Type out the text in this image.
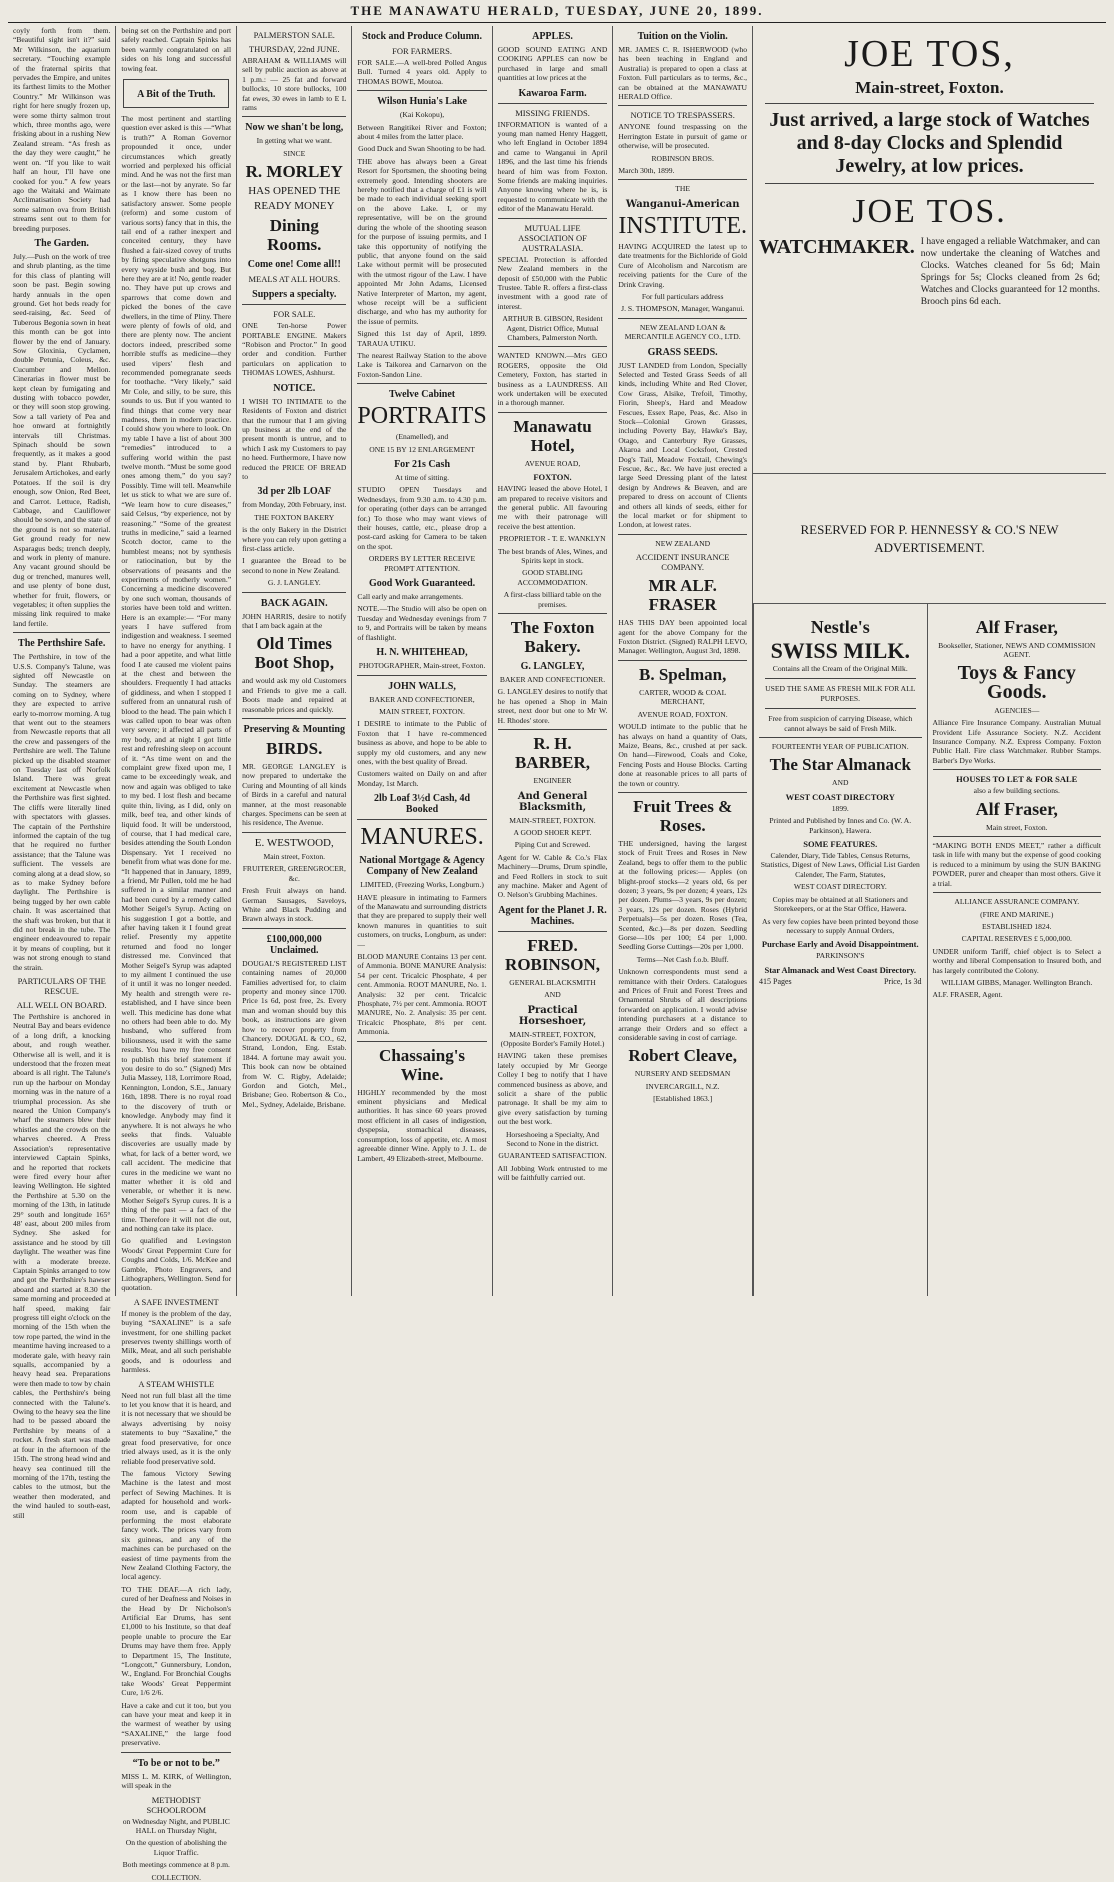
THE MANAWATU HERALD, TUESDAY, JUNE 20, 1899.

coyly forth from them. “Beautiful sight isn't it?” said Mr Wilkinson, the aquarium secretary. “Touching example of the fraternal spirits that pervades the Empire, and unites its farthest limits to the Mother Country.” Mr Wilkinson was right for here snugly frozen up, were some thirty salmon trout which, three months ago, were frisking about in a rushing New Zealand stream. “As fresh as the day they were caught,” he went on. “If you like to wait half an hour, I'll have one cooked for you.” A few years ago the Waitaki and Waimate Acclimatisation Society had some salmon ova from British streams sent out to them for breeding purposes.

The Garden.

July.—Push on the work of tree and shrub planting, as the time for this class of planting will soon be past. Begin sowing hardy annuals in the open ground. Get hot beds ready for seed-raising, &c. Seed of Tuberous Begonia sown in heat this month can be got into flower by the end of January. Sow Gloxinia, Cyclamen, double Petunia, Coleus, &c. Cucumber and Mellon. Cinerarias in flower must be kept clean by fumigating and dusting with tobacco powder, or they will soon stop growing. Sow a tall variety of Pea and hoe onward at fortnightly intervals till Christmas. Spinach should be sown frequently, as it makes a good stand by. Plant Rhubarb, Jerusalem Artichokes, and early Potatoes. If the soil is dry enough, sow Onion, Red Beet, and Carrot. Lettuce, Radish, Cabbage, and Cauliflower should be sown, and the state of the ground is not so material. Get ground ready for new Asparagus beds; trench deeply, and work in plenty of manure. Any vacant ground should be dug or trenched, manures well, and use plenty of bone dust, whether for fruit, flowers, or vegetables; it often supplies the missing link required to make land fertile.

The Perthshire Safe.

The Perthshire, in tow of the U.S.S. Company's Talune, was sighted off Newcastle on Sunday. The steamers are coming on to Sydney, where they are expected to arrive early to-morrow morning. A tug that went out to the steamers from Newcastle reports that all the crew and passengers of the Perthshire are well. The Talune picked up the disabled steamer on Tuesday last off Norfolk Island. There was great excitement at Newcastle when the Perthshire was first sighted. The cliffs were literally lined with spectators with glasses. The captain of the Perthshire informed the captain of the tug that he required no further assistance; that the Talune was sufficient. The vessels are coming along at a dead slow, so as to make Sydney before daylight. The Perthshire is being tugged by her own cable chain. It was ascertained that the shaft was broken, but that it did not break in the tube. The engineer endeavoured to repair it by means of coupling, but it was not strong enough to stand the strain.

PARTICULARS OF THE RESCUE.
ALL WELL ON BOARD.

The Perthshire is anchored in Neutral Bay and bears evidence of a long drift, a knocking about, and rough weather. Otherwise all is well, and it is understood that the frozen meat aboard is all right. The Talune's run up the harbour on Monday morning was in the nature of a triumphal procession. As she neared the Union Company's wharf the steamers blew their whistles and the crowds on the wharves cheered. A Press Association's representative interviewed Captain Spinks, and he reported that rockets were fired every hour after leaving Wellington. He sighted the Perthshire at 5.30 on the morning of the 13th, in latitude 29° south and longitude 165° 48' east, about 200 miles from Sydney. She asked for assistance and he stood by till daylight. The weather was fine with a moderate breeze. Captain Spinks arranged to tow and got the Perthshire's hawser aboard and started at 8.30 the same morning and proceeded at half speed, making fair progress till eight o'clock on the morning of the 15th when the tow rope parted, the wind in the meantime having increased to a moderate gale, with heavy rain squalls, accompanied by a heavy head sea. Preparations were then made to tow by chain cables, the Perthshire's being connected with the Talune's. Owing to the heavy sea the line had to be passed aboard the Perthshire by means of a rocket. A fresh start was made at four in the afternoon of the 15th. The strong head wind and heavy sea continued till the morning of the 17th, testing the cables to the utmost, but the weather then moderated, and the wind hauled to south-east, still

being set on the Perthshire and port safely reached. Captain Spinks has been warmly congratulated on all sides on his long and successful towing feat.

A Bit of the Truth.

The most pertinent and startling question ever asked is this —“What is truth?” A Roman Governor propounded it once, under circumstances which greatly worried and perplexed his official mind. And he was not the first man or the last—not by anyrate. So far as I know there has been no satisfactory answer. Some people (reform) and some custom of various sorts) fancy that in this, the tail end of a rather inexpert and conceited century, they have flushed a fair-sized covey of truths by firing speculative shotguns into every wayside bush and bog. But here they are at it! No, gentle reader no. They have put up crows and sparrows that come down and picked the bones of the cave dwellers, in the time of Pliny. There were plenty of fowls of old, and there are plenty now. The ancient doctors indeed, prescribed some horrible stuffs as medicine—they used vipers' flesh and recommended pomegranate seeds for toothache. “Very likely,” said Mr Cole, and silly, to be sure, this sounds to us. But if you wanted to find things that come very near madness, them in modern practice. I could show you where to look. On my table I have a list of about 300 “remedies” introduced to a suffering world within the past twelve month. “Must be some good ones among them,” do you say? Possibly. Time will tell. Meanwhile let us stick to what we are sure of. “We learn how to cure diseases,” said Celsus, “by experience, not by reasoning.” “Some of the greatest truths in medicine,” said a learned Scotch doctor, came to the humblest means; not by synthesis or ratiocination, but by the observations of peasants and the experiments of motherly women.” Concerning a medicine discovered by one such woman, thousands of stories have been told and written. Here is an example:— “For many years I have suffered from indigestion and weakness. I seemed to have no energy for anything. I had a poor appetite, and what little food I ate caused me violent pains at the chest and between the shoulders. Frequently I had attacks of giddiness, and when I stopped I suffered from an unnatural rush of blood to the head. The pain which I was called upon to bear was often very severe; it affected all parts of my body, and at night I got little rest and refreshing sleep on account of it. “As time went on and the complaint grew fixed upon me, I came to be exceedingly weak, and now and again was obliged to take to my bed. I lost flesh and became quite thin, living, as I did, only on milk, beef tea, and other kinds of liquid food. It will be understood, of course, that I had medical care, besides attending the South London Dispensary. Yet I received no benefit from what was done for me. “It happened that in January, 1899, a friend, Mr Pullen, told me he had suffered in a similar manner and had been cured by a remedy called Mother Seigel's Syrup. Acting on his suggestion I got a bottle, and after having taken it I found great relief. Presently my appetite returned and food no longer distressed me. Convinced that Mother Seigel's Syrup was adapted to my ailment I continued the use of it until it was no longer needed. My health and strength were re-established, and I have since been well. This medicine has done what no others had been able to do. My husband, who suffered from biliousness, used it with the same results. You have my free consent to publish this brief statement if you desire to do so.” (Signed) Mrs Julia Massey, 118, Lorrimore Road, Kennington, London, S.E., January 16th, 1898. There is no royal road to the discovery of truth or knowledge. Anybody may find it anywhere. It is not always he who seeks that finds. Valuable discoveries are usually made by what, for lack of a better word, we call accident. The medicine that cures in the medicine we want no matter whether it is old and venerable, or whether it is new. Mother Seigel's Syrup cures. It is a thing of the past — a fact of the time. Therefore it will not die out, and nothing can take its place.

Go qualified and Levingston Woods' Great Peppermint Cure for Coughs and Colds, 1/6. McKee and Gamble, Photo Engravers, and Lithographers, Wellington. Send for quotation.

A SAFE INVESTMENT

If money is the problem of the day, buying “SAXALINE” is a safe investment, for one shilling packet preserves twenty shillings worth of Milk, Meat, and all such perishable goods, and is odourless and harmless.

A STEAM WHISTLE

Need not run full blast all the time to let you know that it is heard, and it is not necessary that we should be always advertising by noisy statements to buy “Saxaline,” the great food preservative, for once tried always used, as it is the only reliable food preservative sold.

The famous Victory Sewing Machine is the latest and most perfect of Sewing Machines. It is adapted for household and work-room use, and is capable of performing the most elaborate fancy work. The prices vary from six guineas, and any of the machines can be purchased on the easiest of time payments from the New Zealand Clothing Factory, the local agency.

TO THE DEAF.—A rich lady, cured of her Deafness and Noises in the Head by Dr Nicholson's Artificial Ear Drums, has sent £1,000 to his Institute, so that deaf people unable to procure the Ear Drums may have them free. Apply to Department 15, The Institute, “Longcott,” Gunnersbury, London, W., England. For Bronchial Coughs take Woods' Great Peppermint Cure, 1/6 2/6.

Have a cake and cut it too, but you can have your meat and keep it in the warmest of weather by using “SAXALINE,” the large food preservative.

“To be or not to be.”

MISS L. M. KIRK, of Wellington, will speak in the

METHODIST SCHOOLROOM

on Wednesday Night, and PUBLIC HALL on Thursday Night,

On the question of abolishing the Liquor Traffic.

Both meetings commence at 8 p.m.

COLLECTION.

PALMERSTON SALE.
THURSDAY, 22nd JUNE.

ABRAHAM & WILLIAMS will sell by public auction as above at 1 p.m.: — 25 fat and forward bullocks, 10 store bullocks, 100 fat ewes, 30 ewes in lamb to E L rams

Now we shan't be long,

In getting what we want.

SINCE

R. MORLEY
HAS OPENED THE
READY MONEY
Dining Rooms.
Come one! Come all!!
MEALS AT ALL HOURS.
Suppers a specialty.
FOR SALE.

ONE Ten-horse Power PORTABLE ENGINE. Makers “Robison and Proctor.” In good order and condition. Further particulars on application to THOMAS LOWES, Ashhurst.

NOTICE.

I WISH TO INTIMATE to the Residents of Foxton and district that the rumour that I am giving up business at the end of the present month is untrue, and to which I ask my Customers to pay no heed. Furthermore, I have now reduced the PRICE OF BREAD to

3d per 2lb LOAF

from Monday, 20th February, inst.

THE FOXTON BAKERY

is the only Bakery in the District where you can rely upon getting a first-class article.

I guarantee the Bread to be second to none in New Zealand.

G. J. LANGLEY.

BACK AGAIN.

JOHN HARRIS, desire to notify that I am back again at the

Old Times Boot Shop,

and would ask my old Customers and Friends to give me a call. Boots made and repaired at reasonable prices and quickly.

Preserving & Mounting
BIRDS.

MR. GEORGE LANGLEY is now prepared to undertake the Curing and Mounting of all kinds of Birds in a careful and natural manner, at the most reasonable charges. Specimens can be seen at his residence, The Avenue.

E. WESTWOOD,

Main street, Foxton.

FRUITERER, GREENGROCER, &c.

Fresh Fruit always on hand. German Sausages, Saveloys, White and Black Pudding and Brawn always in stock.

£100,000,000 Unclaimed.

DOUGAL'S REGISTERED LIST containing names of 20,000 Families advertised for, to claim property and money since 1700. Price 1s 6d, post free, 2s. Every man and woman should buy this book, as instructions are given how to recover property from Chancery. DOUGAL & CO., 62, Strand, London, Eng. Estab. 1844. A fortune may await you. This book can now be obtained from W. C. Rigby, Adelaide; Gordon and Gotch, Mel., Brisbane; Geo. Robertson & Co., Mel., Sydney, Adelaide, Brisbane.

Stock and Produce Column.
FOR FARMERS.

FOR SALE.—A well-bred Polled Angus Bull. Turned 4 years old. Apply to THOMAS BOWE, Moutoa.

Wilson Hunia's Lake

(Kai Kokopu),

Between Rangitikei River and Foxton; about 4 miles from the latter place.

Good Duck and Swan Shooting to be had.

THE above has always been a Great Resort for Sportsmen, the shooting being extremely good. Intending shooters are hereby notified that a charge of £1 is will be made to each individual seeking sport on the above Lake. I, or my representative, will be on the ground during the whole of the shooting season for the purpose of issuing permits, and I take this opportunity of notifying the public, that anyone found on the said Lake without permit will be prosecuted with the utmost rigour of the Law. I have appointed Mr John Adams, Licensed Native Interpreter of Marton, my agent, whose receipt will be a sufficient discharge, and who has my authority for the issue of permits.

Signed this 1st day of April, 1899. TARAUA UTIKU.

The nearest Railway Station to the above Lake is Taikorea and Carnarvon on the Foxton-Sandon Line.

Twelve Cabinet
PORTRAITS

(Enamelled), and

ONE 15 BY 12 ENLARGEMENT

For 21s Cash

At time of sitting.

STUDIO OPEN Tuesdays and Wednesdays, from 9.30 a.m. to 4.30 p.m. for operating (other days can be arranged for.) To those who may want views of their houses, cattle, etc., please drop a post-card asking for Camera to be taken on the spot.

ORDERS BY LETTER RECEIVE PROMPT ATTENTION.

Good Work Guaranteed.

Call early and make arrangements.

NOTE.—The Studio will also be open on Tuesday and Wednesday evenings from 7 to 9, and Portraits will be taken by means of flashlight.

H. N. WHITEHEAD,

PHOTOGRAPHER, Main-street, Foxton.

JOHN WALLS,

BAKER AND CONFECTIONER,

MAIN STREET, FOXTON.

I DESIRE to intimate to the Public of Foxton that I have re-commenced business as above, and hope to be able to supply my old customers, and any new ones, with the best quality of Bread.

Customers waited on Daily on and after Monday, 1st March.

2lb Loaf 3½d Cash, 4d Booked
MANURES.
National Mortgage & Agency Company of New Zealand

LIMITED, (Freezing Works, Longburn.)

HAVE pleasure in intimating to Farmers of the Manawatu and surrounding districts that they are prepared to supply their well known manures in quantities to suit customers, on trucks, Longburn, as under:—

BLOOD MANURE Contains 13 per cent. of Ammonia. BONE MANURE Analysis: 54 per cent. Tricalcic Phosphate, 4 per cent. Ammonia. ROOT MANURE, No. 1. Analysis: 32 per cent. Tricalcic Phosphate, 7½ per cent. Ammonia. ROOT MANURE, No. 2. Analysis: 35 per cent. Tricalcic Phosphate, 8½ per cent. Ammonia.

Chassaing's Wine.

HIGHLY recommended by the most eminent physicians and Medical authorities. It has since 60 years proved most efficient in all cases of indigestion, dyspepsia, stomachical diseases, consumption, loss of appetite, etc. A most agreeable dinner Wine. Apply to J. L. de Lambert, 49 Elizabeth-street, Melbourne.

APPLES.

GOOD SOUND EATING AND COOKING APPLES can now be purchased in large and small quantities at low prices at the

Kawaroa Farm.
MISSING FRIENDS.

INFORMATION is wanted of a young man named Henry Haggett, who left England in October 1894 and came to Wanganui in April 1896, and the last time his friends heard of him was from Foxton. Some friends are making inquiries. Anyone knowing where he is, is requested to communicate with the editor of the Manawatu Herald.

MUTUAL LIFE ASSOCIATION OF AUSTRALASIA.

SPECIAL Protection is afforded New Zealand members in the deposit of £50,000 with the Public Trustee. Table R. offers a first-class investment with a good rate of interest.

ARTHUR B. GIBSON, Resident Agent, District Office, Mutual Chambers, Palmerston North.

WANTED KNOWN.—Mrs GEO ROGERS, opposite the Old Cemetery, Foxton, has started in business as a LAUNDRESS. All work undertaken will be executed in a thorough manner.

Manawatu Hotel,

AVENUE ROAD,

FOXTON.

HAVING leased the above Hotel, I am prepared to receive visitors and the general public. All favouring me with their patronage will receive the best attention.

PROPRIETOR - T. E. WANKLYN

The best brands of Ales, Wines, and Spirits kept in stock.

GOOD STABLING ACCOMMODATION.

A first-class billiard table on the premises.

The Foxton Bakery.
G. LANGLEY,

BAKER AND CONFECTIONER.

G. LANGLEY desires to notify that he has opened a Shop in Main street, next door but one to Mr W. H. Rhodes' store.

R. H. BARBER,

ENGINEER

And General Blacksmith,

MAIN-STREET, FOXTON.

A GOOD SHOER KEPT.

Piping Cut and Screwed.

Agent for W. Cable & Co.'s Flax Machinery—Drums, Drum spindle, and Feed Rollers in stock to suit any machine. Maker and Agent of O. Nelson's Grubbing Machines.

Agent for the Planet J. R. Machines.
FRED. ROBINSON,

GENERAL BLACKSMITH

AND

Practical Horseshoer,

MAIN-STREET, FOXTON, (Opposite Border's Family Hotel.)

HAVING taken these premises lately occupied by Mr George Colley I beg to notify that I have commenced business as above, and solicit a share of the public patronage. It shall be my aim to give every satisfaction by turning out the best work.

Horseshoeing a Specialty, And Second to None in the district.

GUARANTEED SATISFACTION.

All Jobbing Work entrusted to me will be faithfully carried out.

Tuition on the Violin.

MR. JAMES C. R. ISHERWOOD (who has been teaching in England and Australia) is prepared to open a class at Foxton. Full particulars as to terms, &c., can be obtained at the MANAWATU HERALD Office.

NOTICE TO TRESPASSERS.

ANYONE found trespassing on the Herrington Estate in pursuit of game or otherwise, will be prosecuted.

ROBINSON BROS.

March 30th, 1899.

THE

Wanganui-American
INSTITUTE.

HAVING ACQUIRED the latest up to date treatments for the Bichloride of Gold Cure of Alcoholism and Narcotism are receiving patients for the Cure of the Drink Craving.

For full particulars address

J. S. THOMPSON, Manager, Wanganui.

NEW ZEALAND LOAN & MERCANTILE AGENCY CO., LTD.

GRASS SEEDS.

JUST LANDED from London, Specially Selected and Tested Grass Seeds of all kinds, including White and Red Clover, Cow Grass, Alsike, Trefoil, Timothy, Fiorin, Sheep's, Hard and Meadow Fescues, Essex Rape, Peas, &c. Also in Stock—Colonial Grown Grasses, including Poverty Bay, Hawke's Bay, Otago, and Canterbury Rye Grasses, Akaroa and Local Cocksfoot, Crested Dog's Tail, Meadow Foxtail, Chewing's Fescue, &c., &c. We have just erected a large Seed Dressing plant of the latest design by Andrews & Beaven, and are prepared to dress on account of Clients and others all kinds of seeds, either for the local market or for shipment to London, at lowest rates.

NEW ZEALAND

ACCIDENT INSURANCE COMPANY.
MR ALF. FRASER

HAS THIS DAY been appointed local agent for the above Company for the Foxton District. (Signed) RALPH LEVO, Manager. Wellington, August 3rd, 1898.

B. Spelman,

CARTER, WOOD & COAL MERCHANT,

AVENUE ROAD, FOXTON.

WOULD intimate to the public that he has always on hand a quantity of Oats, Maize, Beans, &c., crushed at per sack. On hand—Firewood, Coals and Coke, Fencing Posts and House Blocks. Carting done at reasonable prices to all parts of the town or country.

Fruit Trees & Roses.

THE undersigned, having the largest stock of Fruit Trees and Roses in New Zealand, begs to offer them to the public at the following prices:— Apples (on blight-proof stocks—2 years old, 6s per dozen; 3 years, 9s per dozen; 4 years, 12s per dozen. Plums—3 years, 9s per dozen; 3 years, 12s per dozen. Roses (Hybrid Perpetuals)—5s per dozen. Roses (Tea, Scented, &c.)—8s per dozen. Seedling Gorse—10s per 100; £4 per 1,000. Seedling Gorse Cuttings—20s per 1,000.

Terms—Net Cash f.o.b. Bluff.

Unknown correspondents must send a remittance with their Orders. Catalogues and Prices of Fruit and Forest Trees and Ornamental Shrubs of all descriptions forwarded on application. I would advise intending purchasers at a distance to arrange their Orders and so effect a considerable saving in cost of carriage.

Robert Cleave,

NURSERY AND SEEDSMAN

INVERCARGILL, N.Z.

[Established 1863.]

JOE TOS,
Main-street, Foxton.
Just arrived, a large stock of Watches and 8-day Clocks and Splendid Jewelry, at low prices.
JOE TOS.
WATCHMAKER. I have engaged a reliable Watchmaker, and can now undertake the cleaning of Watches and Clocks. Watches cleaned for 5s 6d; Main Springs for 5s; Clocks cleaned from 2s 6d; Watches and Clocks guaranteed for 12 months. Brooch pins 6d each.

RESERVED FOR P. HENNESSY & CO.'S NEW ADVERTISEMENT.
Nestle's
SWISS MILK.

Contains all the Cream of the Original Milk.

USED THE SAME AS FRESH MILK FOR ALL PURPOSES.

Free from suspicion of carrying Disease, which cannot always be said of Fresh Milk.

FOURTEENTH YEAR OF PUBLICATION.

The Star Almanack

AND

WEST COAST DIRECTORY

1899.

Printed and Published by Innes and Co. (W. A. Parkinson), Hawera.

SOME FEATURES.

Calender, Diary, Tide Tables, Census Returns, Statistics, Digest of New Laws, Official List Garden Calender, The Farm, Statutes,

WEST COAST DIRECTORY.

Copies may be obtained at all Stationers and Storekeepers, or at the Star Office, Hawera.

As very few copies have been printed beyond those necessary to supply Annual Orders,

Purchase Early and Avoid Disappointment.

PARKINSON'S

Star Almanack and West Coast Directory.
415 Pages	Price, 1s 3d
Alf Fraser,

Bookseller, Stationer, NEWS AND COMMISSION AGENT.

Toys & Fancy Goods.

AGENCIES—

Alliance Fire Insurance Company. Australian Mutual Provident Life Assurance Society. N.Z. Accident Insurance Company. N.Z. Express Company. Foxton Public Hall. Fire class Watchmaker. Rubber Stamps. Barber's Dye Works.

HOUSES TO LET & FOR SALE

also a few building sections.

Alf Fraser,

Main street, Foxton.

“MAKING BOTH ENDS MEET,” rather a difficult task in life with many but the expense of good cooking is reduced to a minimum by using the SUN BAKING POWDER, purer and cheaper than most others. Give it a trial.

ALLIANCE ASSURANCE COMPANY.

(FIRE AND MARINE.)

ESTABLISHED 1824.

CAPITAL RESERVES £ 5,000,000.

UNDER uniform Tariff, chief object is to Select a worthy and liberal Compensation to Insured both, and has largely contributed the Colony.

WILLIAM GIBBS, Manager. Wellington Branch.

ALF. FRASER, Agent.
